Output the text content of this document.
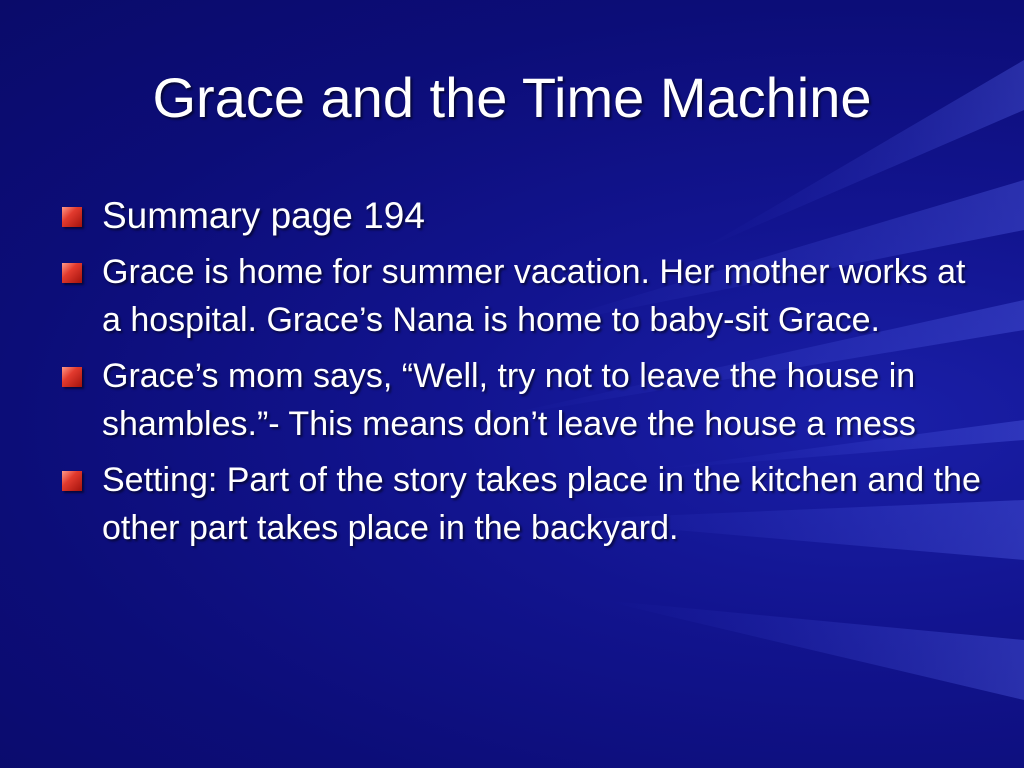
Grace and the Time Machine
Summary page 194
Grace is home for summer vacation. Her mother works at a hospital. Grace’s Nana is home to baby-sit Grace.
Grace’s mom says, “Well, try not to leave the house in shambles.”- This means don’t leave the house a mess
Setting: Part of the story takes place in the kitchen and the other part takes place in the backyard.
